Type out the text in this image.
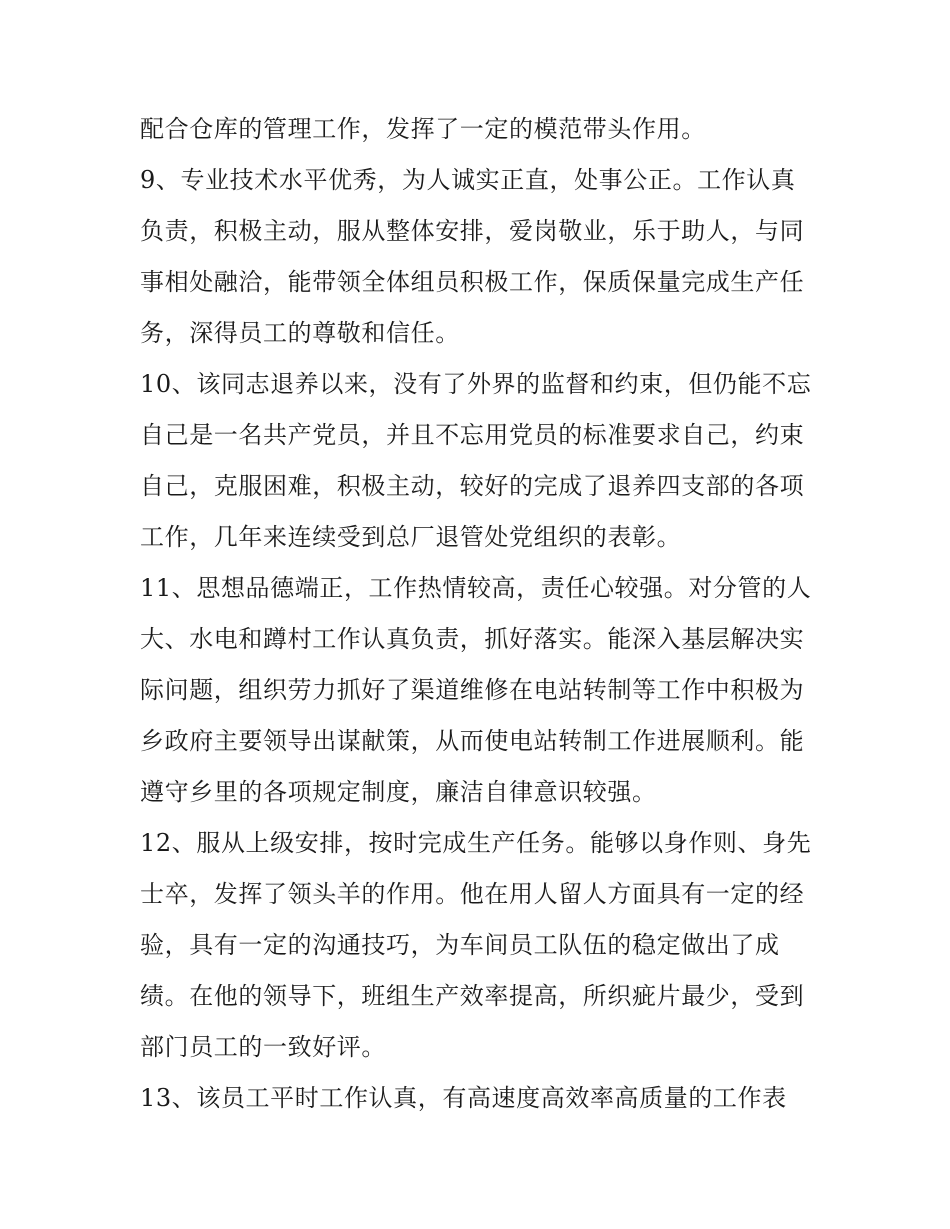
配合仓库的管理工作，发挥了一定的模范带头作用。
9、专业技术水平优秀，为人诚实正直，处事公正。工作认真
负责，积极主动，服从整体安排，爱岗敬业，乐于助人，与同
事相处融洽，能带领全体组员积极工作，保质保量完成生产任
务，深得员工的尊敬和信任。
10、该同志退养以来，没有了外界的监督和约束，但仍能不忘
自己是一名共产党员，并且不忘用党员的标准要求自己，约束
自己，克服困难，积极主动，较好的完成了退养四支部的各项
工作，几年来连续受到总厂退管处党组织的表彰。
11、思想品德端正，工作热情较高，责任心较强。对分管的人
大、水电和蹲村工作认真负责，抓好落实。能深入基层解决实
际问题，组织劳力抓好了渠道维修在电站转制等工作中积极为
乡政府主要领导出谋献策，从而使电站转制工作进展顺利。能
遵守乡里的各项规定制度，廉洁自律意识较强。
12、服从上级安排，按时完成生产任务。能够以身作则、身先
士卒，发挥了领头羊的作用。他在用人留人方面具有一定的经
验，具有一定的沟通技巧，为车间员工队伍的稳定做出了成
绩。在他的领导下，班组生产效率提高，所织疵片最少，受到
部门员工的一致好评。
13、该员工平时工作认真，有高速度高效率高质量的工作表
